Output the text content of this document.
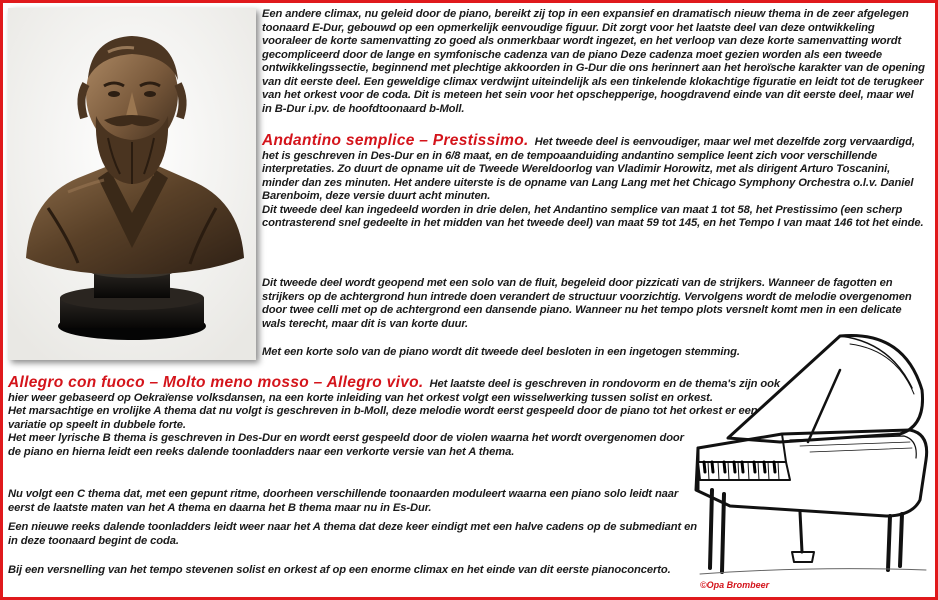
Een andere climax, nu geleid door de piano, bereikt zij top in een expansief en dramatisch nieuw thema in de zeer afgelegen toonaard E-Dur, gebouwd op een opmerkelijk eenvoudige figuur. Dit zorgt voor het laatste deel van deze ontwikkeling vooraleer de korte samenvatting zo goed als onmerkbaar wordt ingezet, en het verloop van deze korte samenvatting wordt gecompliceerd door de lange en symfonische cadenza van de piano Deze cadenza moet gezien worden als een tweede ontwikkelingssectie, beginnend met plechtige akkoorden in G-Dur die ons herinnert aan het heroïsche karakter van de opening van dit eerste deel. Een geweldige climax verdwijnt uiteindelijk als een tinkelende klokachtige figuratie en leidt tot de terugkeer van het orkest voor de coda. Dit is meteen het sein voor het opschepperige, hoogdravend einde van dit eerste deel, maar wel in B-Dur i.pv. de hoofdtoonaard b-Moll.

Andantino semplice – Prestissimo. Het tweede deel is eenvoudiger, maar wel met dezelfde zorg vervaardigd, het is geschreven in Des-Dur en in 6/8 maat, en de tempoaanduiding andantino semplice leent zich voor verschillende interpretaties. Zo duurt de opname uit de Tweede Wereldoorlog van Vladimir Horowitz, met als dirigent Arturo Toscanini, minder dan zes minuten. Het andere uiterste is de opname van Lang Lang met het Chicago Symphony Orchestra o.l.v. Daniel Barenboim, deze versie duurt acht minuten.
Dit tweede deel kan ingedeeld worden in drie delen, het Andantino semplice van maat 1 tot 58, het Prestissimo (een scherp contrasterend snel gedeelte in het midden van het tweede deel) van maat 59 tot 145, en het Tempo I van maat 146 tot het einde.

Dit tweede deel wordt geopend met een solo van de fluit, begeleid door pizzicati van de strijkers. Wanneer de fagotten en strijkers op de achtergrond hun intrede doen verandert de structuur voorzichtig. Vervolgens wordt de melodie overgenomen door twee celli met op de achtergrond een dansende piano. Wanneer nu het tempo plots versnelt komt men in een delicate wals terecht, maar dit is van korte duur.

Met een korte solo van de piano wordt dit tweede deel besloten in een ingetogen stemming.

Allegro con fuoco – Molto meno mosso – Allegro vivo. Het laatste deel is geschreven in rondovorm en de thema's zijn ook hier weer gebaseerd op Oekraïense volksdansen, na een korte inleiding van het orkest volgt een wisselwerking tussen solist en orkest.
Het marsachtige en vrolijke A thema dat nu volgt is geschreven in b-Moll, deze melodie wordt eerst gespeeld door de piano tot het orkest er een variatie op speelt in dubbele forte.

Het meer lyrische B thema is geschreven in Des-Dur en wordt eerst gespeeld door de violen waarna het wordt overgenomen door de piano en hierna leidt een reeks dalende toonladders naar een verkorte versie van het A thema.

Nu volgt een C thema dat, met een gepunt ritme, doorheen verschillende toonaarden moduleert waarna een piano solo leidt naar eerst de laatste maten van het A thema en daarna het B thema maar nu in Es-Dur.

Een nieuwe reeks dalende toonladders leidt weer naar het A thema dat deze keer eindigt met een halve cadens op de submediant en in deze toonaard begint de coda.

Bij een versnelling van het tempo stevenen solist en orkest af op een enorme climax en het einde van dit eerste pianoconcerto.

©Opa Brombeer
